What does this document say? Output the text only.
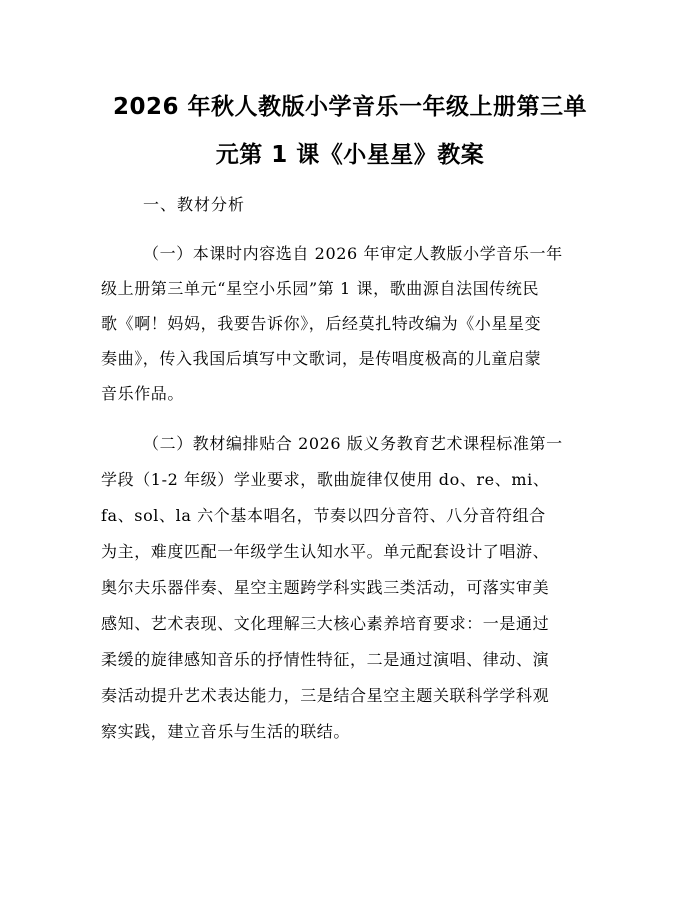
2026 年秋人教版小学音乐一年级上册第三单
元第 1 课《小星星》教案
一、教材分析
（一）本课时内容选自 2026 年审定人教版小学音乐一年
级上册第三单元“星空小乐园”第 1 课，歌曲源自法国传统民
歌《啊！妈妈，我要告诉你》，后经莫扎特改编为《小星星变
奏曲》，传入我国后填写中文歌词，是传唱度极高的儿童启蒙
音乐作品。
（二）教材编排贴合 2026 版义务教育艺术课程标准第一
学段（1-2 年级）学业要求，歌曲旋律仅使用 do、re、mi、
fa、sol、la 六个基本唱名，节奏以四分音符、八分音符组合
为主，难度匹配一年级学生认知水平。单元配套设计了唱游、
奥尔夫乐器伴奏、星空主题跨学科实践三类活动，可落实审美
感知、艺术表现、文化理解三大核心素养培育要求：一是通过
柔缓的旋律感知音乐的抒情性特征，二是通过演唱、律动、演
奏活动提升艺术表达能力，三是结合星空主题关联科学学科观
察实践，建立音乐与生活的联结。
